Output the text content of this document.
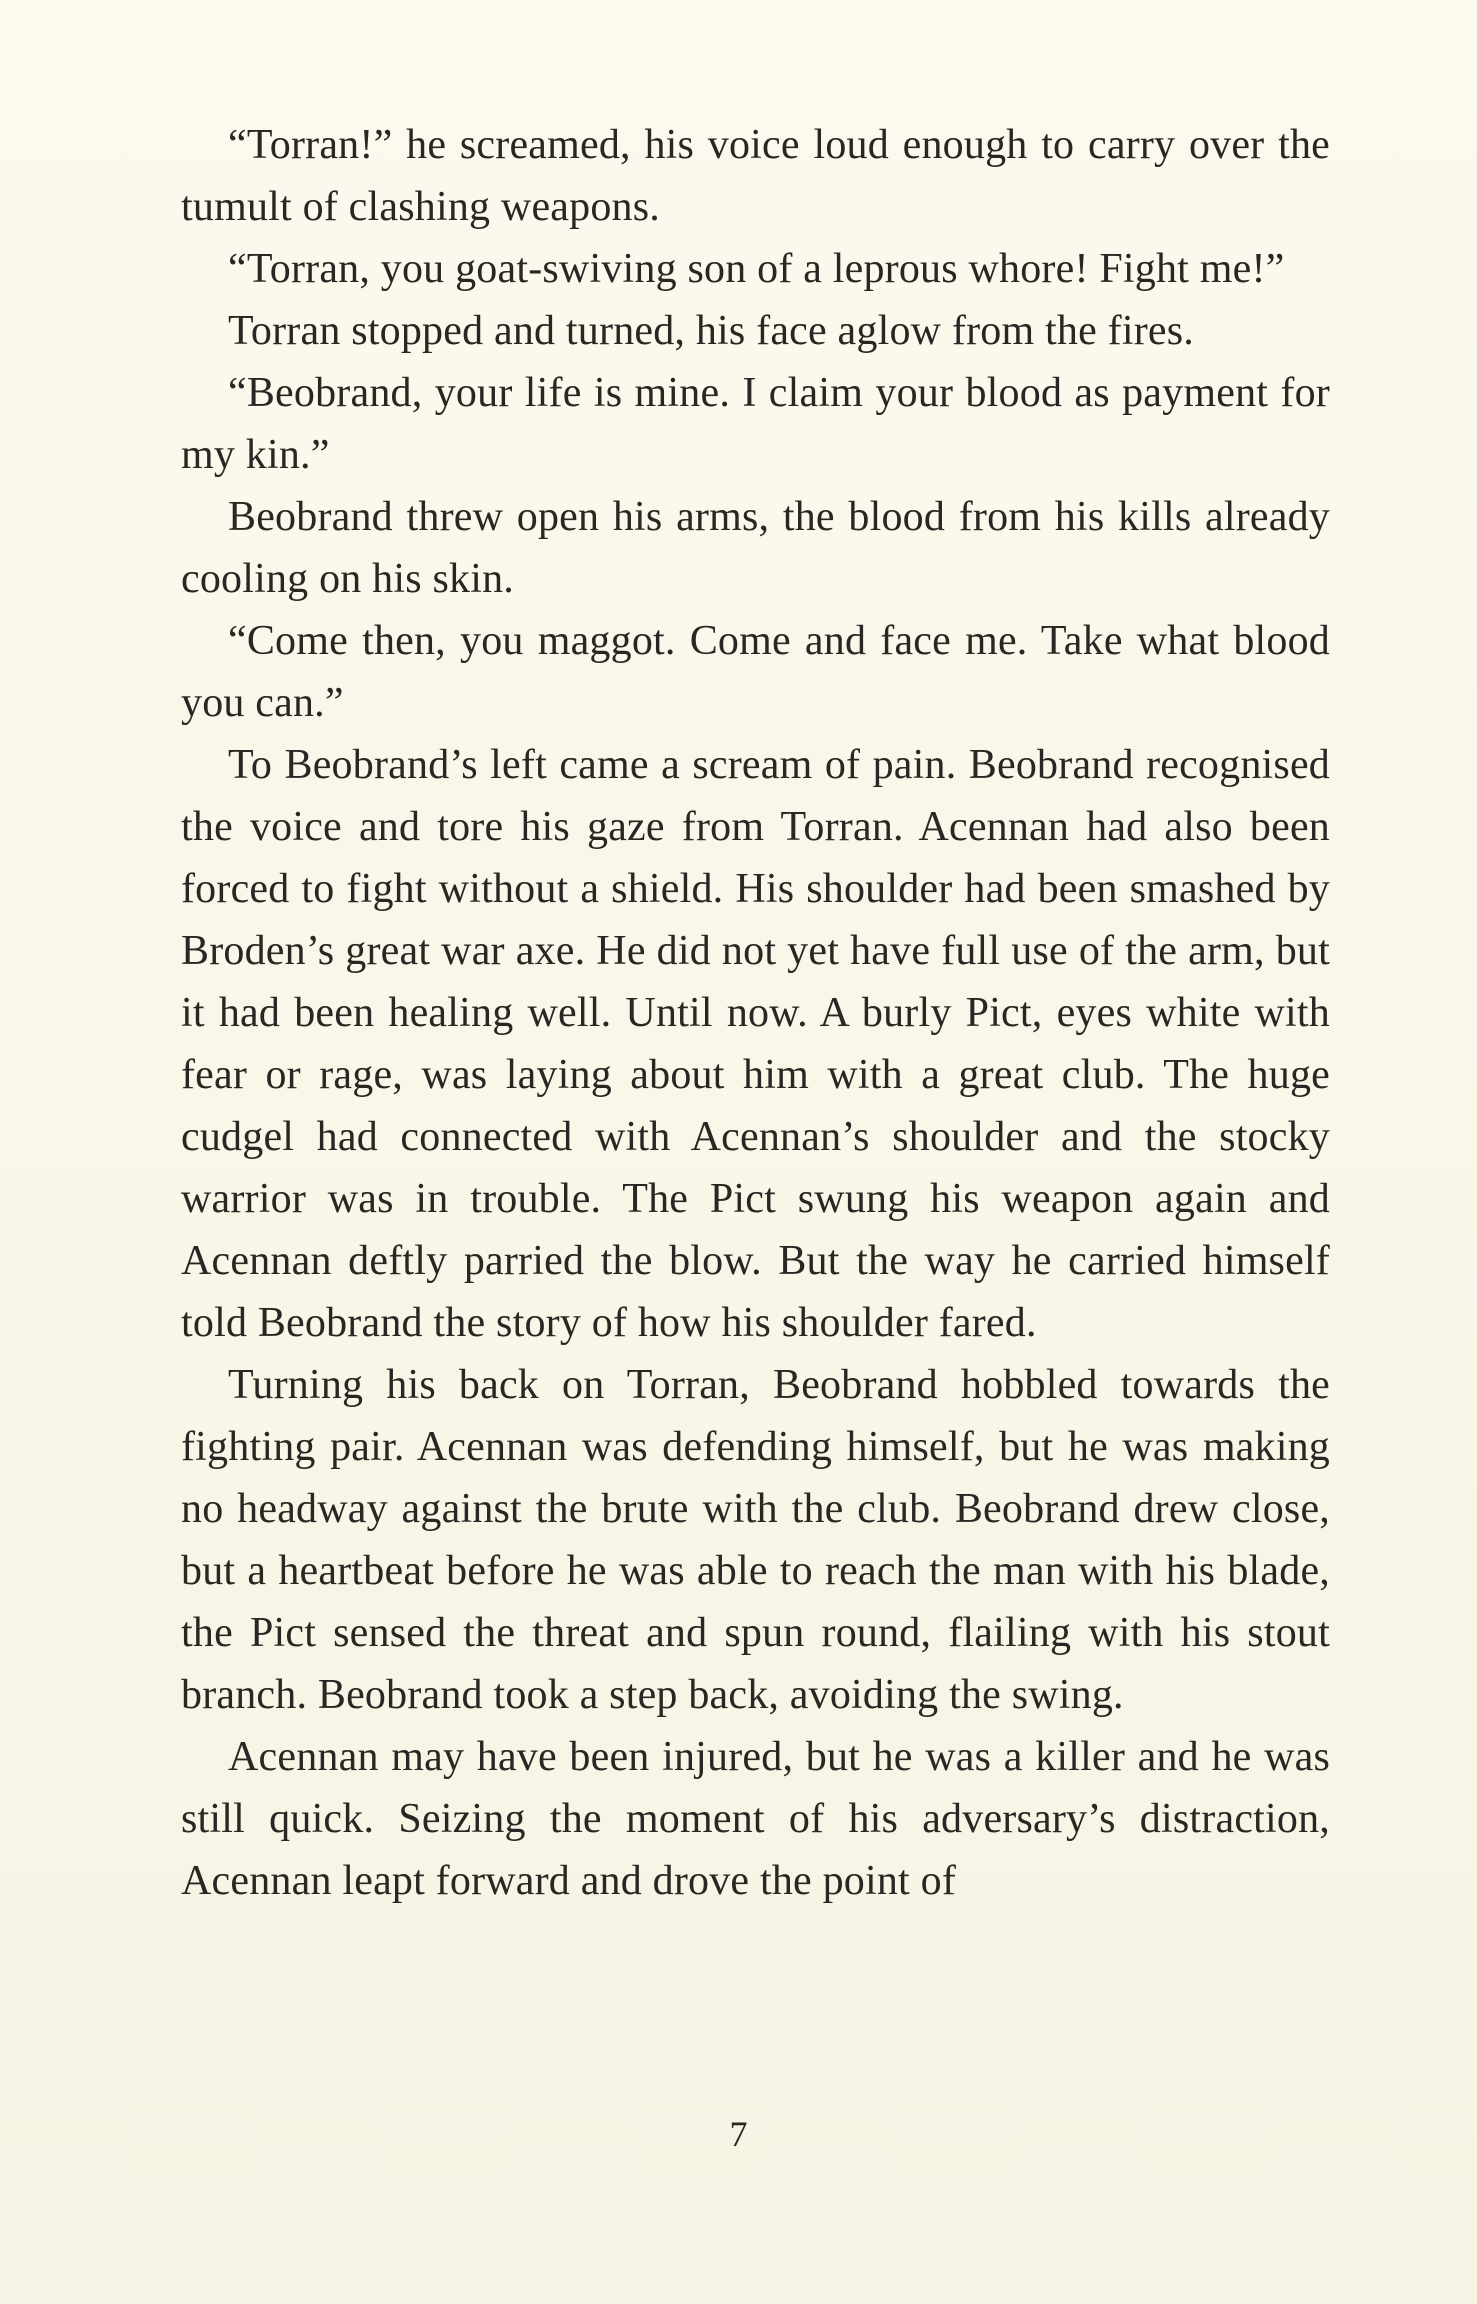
“Torran!” he screamed, his voice loud enough to carry over the tumult of clashing weapons.

“Torran, you goat-swiving son of a leprous whore! Fight me!”

Torran stopped and turned, his face aglow from the fires.

“Beobrand, your life is mine. I claim your blood as payment for my kin.”

Beobrand threw open his arms, the blood from his kills already cooling on his skin.

“Come then, you maggot. Come and face me. Take what blood you can.”

To Beobrand’s left came a scream of pain. Beobrand recognised the voice and tore his gaze from Torran. Acennan had also been forced to fight without a shield. His shoulder had been smashed by Broden’s great war axe. He did not yet have full use of the arm, but it had been healing well. Until now. A burly Pict, eyes white with fear or rage, was laying about him with a great club. The huge cudgel had connected with Acennan’s shoulder and the stocky warrior was in trouble. The Pict swung his weapon again and Acennan deftly parried the blow. But the way he carried himself told Beobrand the story of how his shoulder fared.

Turning his back on Torran, Beobrand hobbled towards the fighting pair. Acennan was defending himself, but he was making no headway against the brute with the club. Beobrand drew close, but a heartbeat before he was able to reach the man with his blade, the Pict sensed the threat and spun round, flailing with his stout branch. Beobrand took a step back, avoiding the swing.

Acennan may have been injured, but he was a killer and he was still quick. Seizing the moment of his adversary’s distraction, Acennan leapt forward and drove the point of

7
